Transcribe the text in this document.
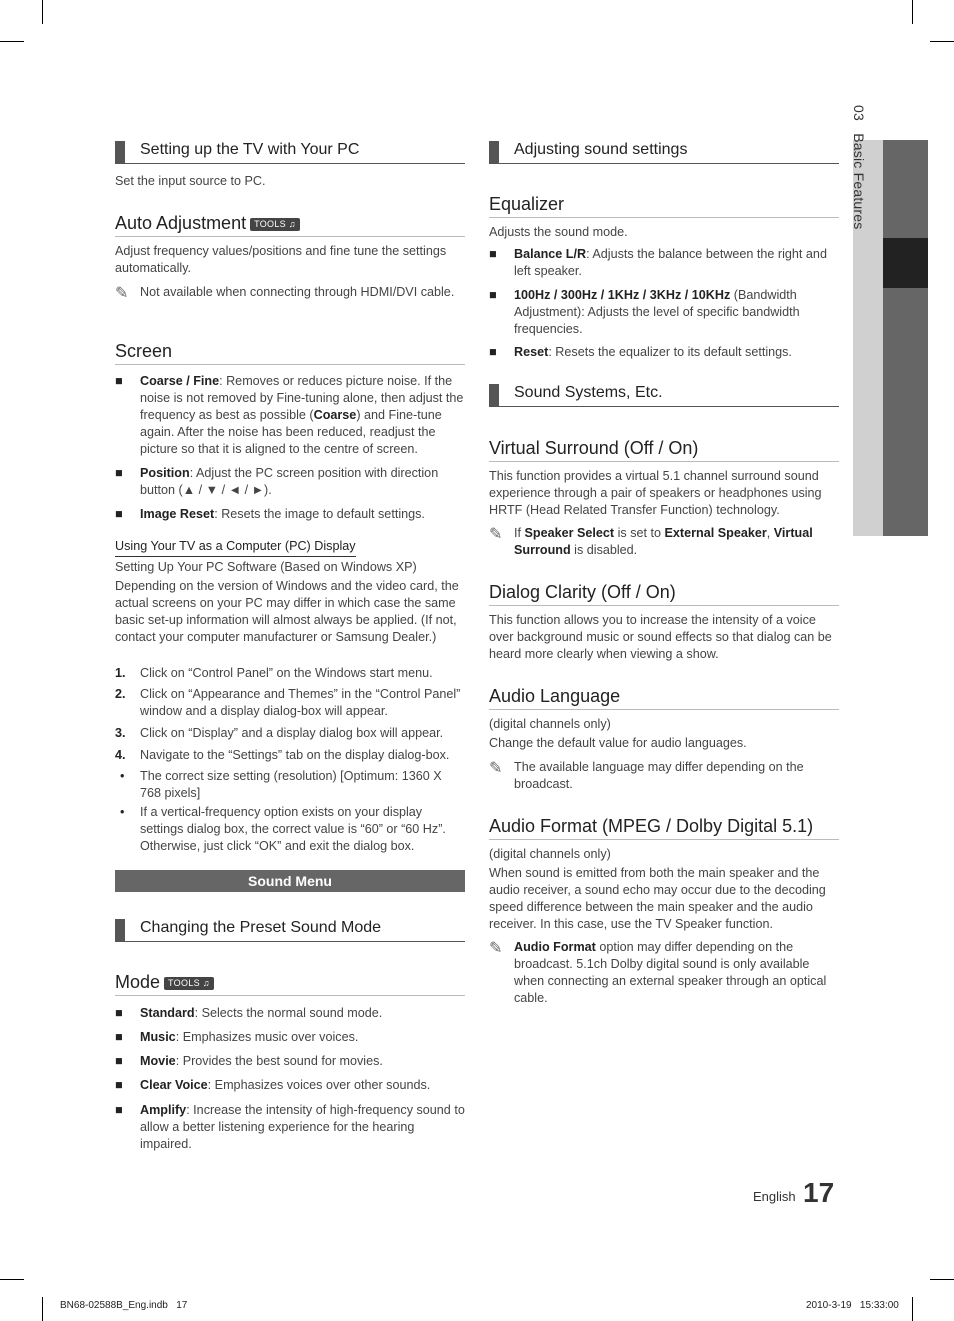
03   Basic Features
Setting up the TV with Your PC
Set the input source to PC.
Auto Adjustment TOOLS ♫
Adjust frequency values/positions and fine tune the settings automatically.
✎ Not available when connecting through HDMI/DVI cable.
Screen
■ Coarse / Fine: Removes or reduces picture noise. If the noise is not removed by Fine-tuning alone, then adjust the frequency as best as possible (Coarse) and Fine-tune again. After the noise has been reduced, readjust the picture so that it is aligned to the centre of screen.
■ Position: Adjust the PC screen position with direction button (▲ / ▼ / ◄ / ►).
■ Image Reset: Resets the image to default settings.
Using Your TV as a Computer (PC) Display
Setting Up Your PC Software (Based on Windows XP)
Depending on the version of Windows and the video card, the actual screens on your PC may differ in which case the same basic set-up information will almost always be applied. (If not, contact your computer manufacturer or Samsung Dealer.)
1. Click on “Control Panel” on the Windows start menu.
2. Click on “Appearance and Themes” in the “Control Panel” window and a display dialog-box will appear.
3. Click on “Display” and a display dialog box will appear.
4. Navigate to the “Settings” tab on the display dialog-box.
• The correct size setting (resolution) [Optimum: 1360 X 768 pixels]
• If a vertical-frequency option exists on your display settings dialog box, the correct value is “60” or “60 Hz”. Otherwise, just click “OK” and exit the dialog box.
Sound Menu
Changing the Preset Sound Mode
Mode TOOLS ♫
■ Standard: Selects the normal sound mode.
■ Music: Emphasizes music over voices.
■ Movie: Provides the best sound for movies.
■ Clear Voice: Emphasizes voices over other sounds.
■ Amplify: Increase the intensity of high-frequency sound to allow a better listening experience for the hearing impaired.
Adjusting sound settings
Equalizer
Adjusts the sound mode.
■ Balance L/R: Adjusts the balance between the right and left speaker.
■ 100Hz / 300Hz / 1KHz / 3KHz / 10KHz (Bandwidth Adjustment): Adjusts the level of specific bandwidth frequencies.
■ Reset: Resets the equalizer to its default settings.
Sound Systems, Etc.
Virtual Surround (Off / On)
This function provides a virtual 5.1 channel surround sound experience through a pair of speakers or headphones using HRTF (Head Related Transfer Function) technology.
✎ If Speaker Select is set to External Speaker, Virtual Surround is disabled.
Dialog Clarity (Off / On)
This function allows you to increase the intensity of a voice over background music or sound effects so that dialog can be heard more clearly when viewing a show.
Audio Language
(digital channels only)
Change the default value for audio languages.
✎ The available language may differ depending on the broadcast.
Audio Format (MPEG / Dolby Digital 5.1)
(digital channels only)
When sound is emitted from both the main speaker and the audio receiver, a sound echo may occur due to the decoding speed difference between the main speaker and the audio receiver. In this case, use the TV Speaker function.
✎ Audio Format option may differ depending on the broadcast. 5.1ch Dolby digital sound is only available when connecting an external speaker through an optical cable.
English 17
BN68-02588B_Eng.indb   17	2010-3-19   15:33:00
